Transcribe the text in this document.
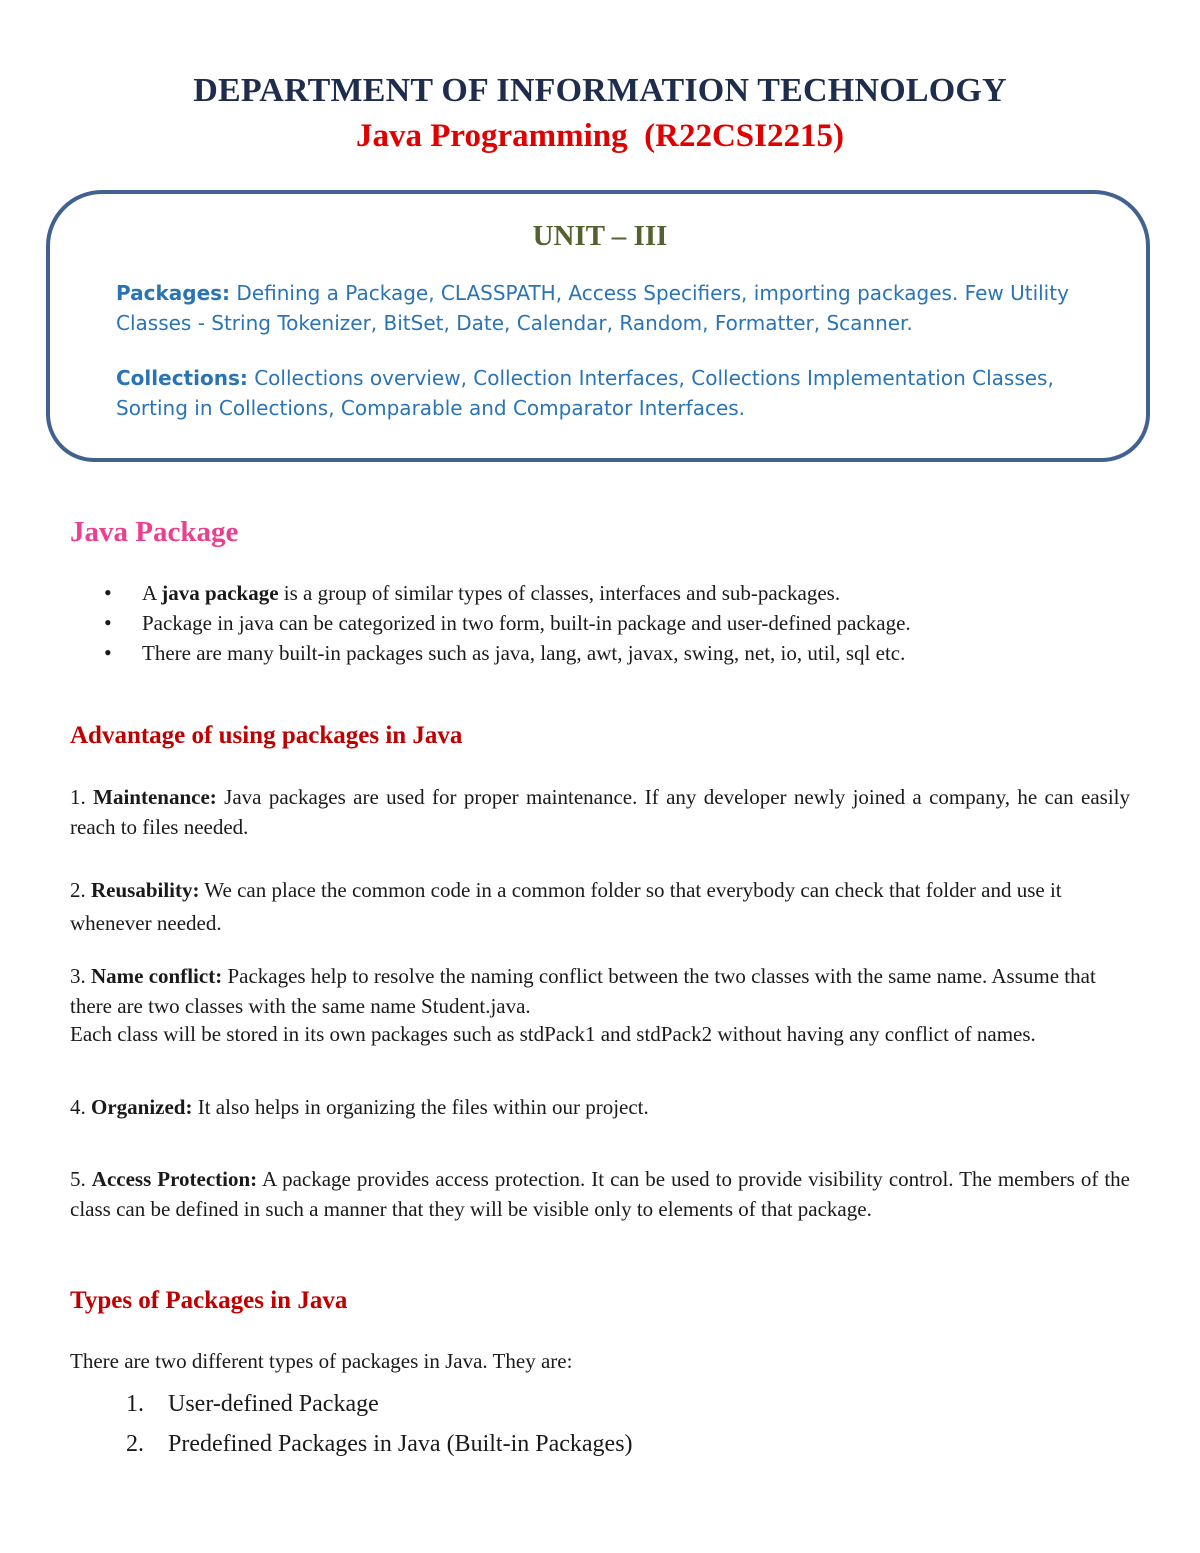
DEPARTMENT OF INFORMATION TECHNOLOGY
Java Programming  (R22CSI2215)
UNIT – III
Packages: Defining a Package, CLASSPATH, Access Specifiers, importing packages. Few Utility Classes - String Tokenizer, BitSet, Date, Calendar, Random, Formatter, Scanner.
Collections: Collections overview, Collection Interfaces, Collections Implementation Classes, Sorting in Collections, Comparable and Comparator Interfaces.
Java Package
• A java package is a group of similar types of classes, interfaces and sub-packages.
• Package in java can be categorized in two form, built-in package and user-defined package.
• There are many built-in packages such as java, lang, awt, javax, swing, net, io, util, sql etc.
Advantage of using packages in Java
1. Maintenance: Java packages are used for proper maintenance. If any developer newly joined a company, he can easily reach to files needed.
2. Reusability: We can place the common code in a common folder so that everybody can check that folder and use it whenever needed.
3. Name conflict: Packages help to resolve the naming conflict between the two classes with the same name. Assume that there are two classes with the same name Student.java.
Each class will be stored in its own packages such as stdPack1 and stdPack2 without having any conflict of names.
4. Organized: It also helps in organizing the files within our project.
5. Access Protection: A package provides access protection. It can be used to provide visibility control. The members of the class can be defined in such a manner that they will be visible only to elements of that package.
Types of Packages in Java
There are two different types of packages in Java. They are:
1. User-defined Package
2. Predefined Packages in Java (Built-in Packages)
